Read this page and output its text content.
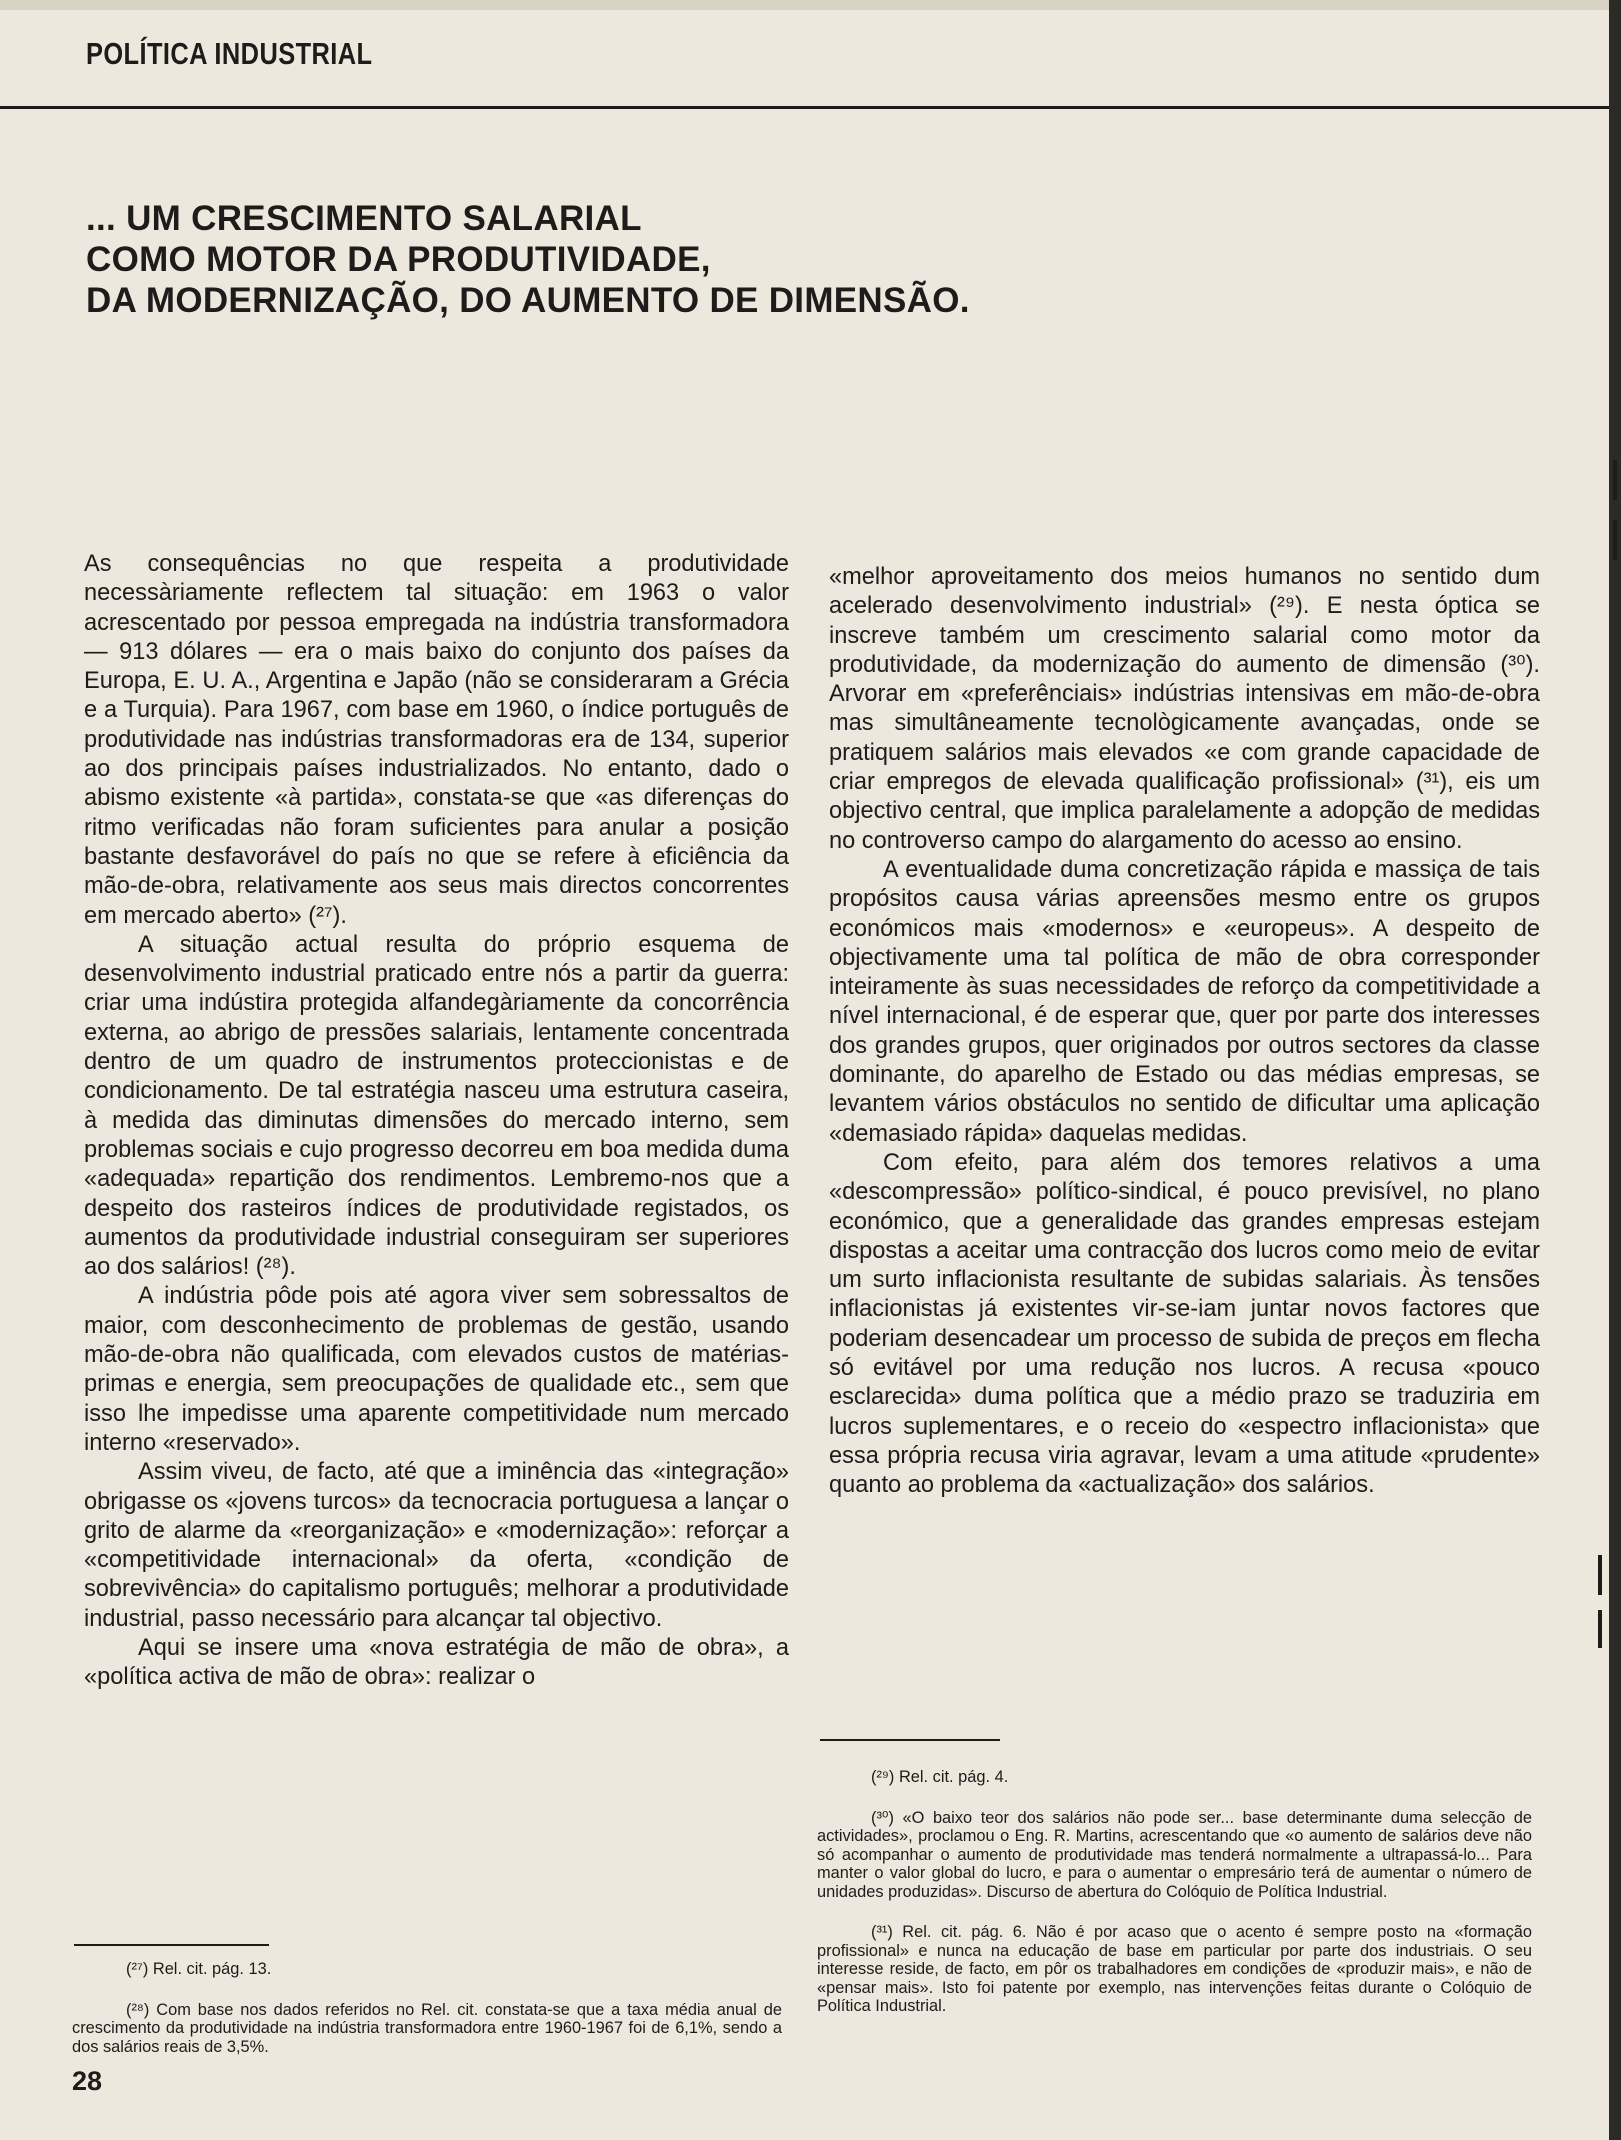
POLÍTICA INDUSTRIAL
... UM CRESCIMENTO SALARIAL
COMO MOTOR DA PRODUTIVIDADE,
DA MODERNIZAÇÃO, DO AUMENTO DE DIMENSÃO.

As consequências no que respeita a produtividade necessàriamente reflectem tal situação: em 1963 o valor acrescentado por pessoa empregada na indústria transformadora — 913 dólares — era o mais baixo do conjunto dos países da Europa, E. U. A., Argentina e Japão (não se consideraram a Grécia e a Turquia). Para 1967, com base em 1960, o índice português de produtividade nas indústrias transformadoras era de 134, superior ao dos principais países industrializados. No entanto, dado o abismo existente «à partida», constata-se que «as diferenças do ritmo verificadas não foram suficientes para anular a posição bastante desfavorável do país no que se refere à eficiência da mão-de-obra, relativamente aos seus mais directos concorrentes em mercado aberto» (²⁷).

A situação actual resulta do próprio esquema de desenvolvimento industrial praticado entre nós a partir da guerra: criar uma indústira protegida alfandegàriamente da concorrência externa, ao abrigo de pressões salariais, lentamente concentrada dentro de um quadro de instrumentos proteccionistas e de condicionamento. De tal estratégia nasceu uma estrutura caseira, à medida das diminutas dimensões do mercado interno, sem problemas sociais e cujo progresso decorreu em boa medida duma «adequada» repartição dos rendimentos. Lembremo-nos que a despeito dos rasteiros índices de produtividade registados, os aumentos da produtividade industrial conseguiram ser superiores ao dos salários! (²⁸).

A indústria pôde pois até agora viver sem sobressaltos de maior, com desconhecimento de problemas de gestão, usando mão-de-obra não qualificada, com elevados custos de matérias-primas e energia, sem preocupações de qualidade etc., sem que isso lhe impedisse uma aparente competitividade num mercado interno «reservado».

Assim viveu, de facto, até que a iminência das «integração» obrigasse os «jovens turcos» da tecnocracia portuguesa a lançar o grito de alarme da «reorganização» e «modernização»: reforçar a «competitividade internacional» da oferta, «condição de sobrevivência» do capitalismo português; melhorar a produtividade industrial, passo necessário para alcançar tal objectivo.

Aqui se insere uma «nova estratégia de mão de obra», a «política activa de mão de obra»: realizar o

«melhor aproveitamento dos meios humanos no sentido dum acelerado desenvolvimento industrial» (²⁹). E nesta óptica se inscreve também um crescimento salarial como motor da produtividade, da modernização do aumento de dimensão (³⁰). Arvorar em «preferênciais» indústrias intensivas em mão-de-obra mas simultâneamente tecnològicamente avançadas, onde se pratiquem salários mais elevados «e com grande capacidade de criar empregos de elevada qualificação profissional» (³¹), eis um objectivo central, que implica paralelamente a adopção de medidas no controverso campo do alargamento do acesso ao ensino.

A eventualidade duma concretização rápida e massiça de tais propósitos causa várias apreensões mesmo entre os grupos económicos mais «modernos» e «europeus». A despeito de objectivamente uma tal política de mão de obra corresponder inteiramente às suas necessidades de reforço da competitividade a nível internacional, é de esperar que, quer por parte dos interesses dos grandes grupos, quer originados por outros sectores da classe dominante, do aparelho de Estado ou das médias empresas, se levantem vários obstáculos no sentido de dificultar uma aplicação «demasiado rápida» daquelas medidas.

Com efeito, para além dos temores relativos a uma «descompressão» político-sindical, é pouco previsível, no plano económico, que a generalidade das grandes empresas estejam dispostas a aceitar uma contracção dos lucros como meio de evitar um surto inflacionista resultante de subidas salariais. Às tensões inflacionistas já existentes vir-se-iam juntar novos factores que poderiam desencadear um processo de subida de preços em flecha só evitável por uma redução nos lucros. A recusa «pouco esclarecida» duma política que a médio prazo se traduziria em lucros suplementares, e o receio do «espectro inflacionista» que essa própria recusa viria agravar, levam a uma atitude «prudente» quanto ao problema da «actualização» dos salários.

(²⁷) Rel. cit. pág. 13.

(²⁸) Com base nos dados referidos no Rel. cit. constata-se que a taxa média anual de crescimento da produtividade na indústria transformadora entre 1960-1967 foi de 6,1%, sendo a dos salários reais de 3,5%.

(²⁹) Rel. cit. pág. 4.

(³⁰) «O baixo teor dos salários não pode ser... base determinante duma selecção de actividades», proclamou o Eng. R. Martins, acrescentando que «o aumento de salários deve não só acompanhar o aumento de produtividade mas tenderá normalmente a ultrapassá-lo... Para manter o valor global do lucro, e para o aumentar o empresário terá de aumentar o número de unidades produzidas». Discurso de abertura do Colóquio de Política Industrial.

(³¹) Rel. cit. pág. 6. Não é por acaso que o acento é sempre posto na «formação profissional» e nunca na educação de base em particular por parte dos industriais. O seu interesse reside, de facto, em pôr os trabalhadores em condições de «produzir mais», e não de «pensar mais». Isto foi patente por exemplo, nas intervenções feitas durante o Colóquio de Política Industrial.

28
